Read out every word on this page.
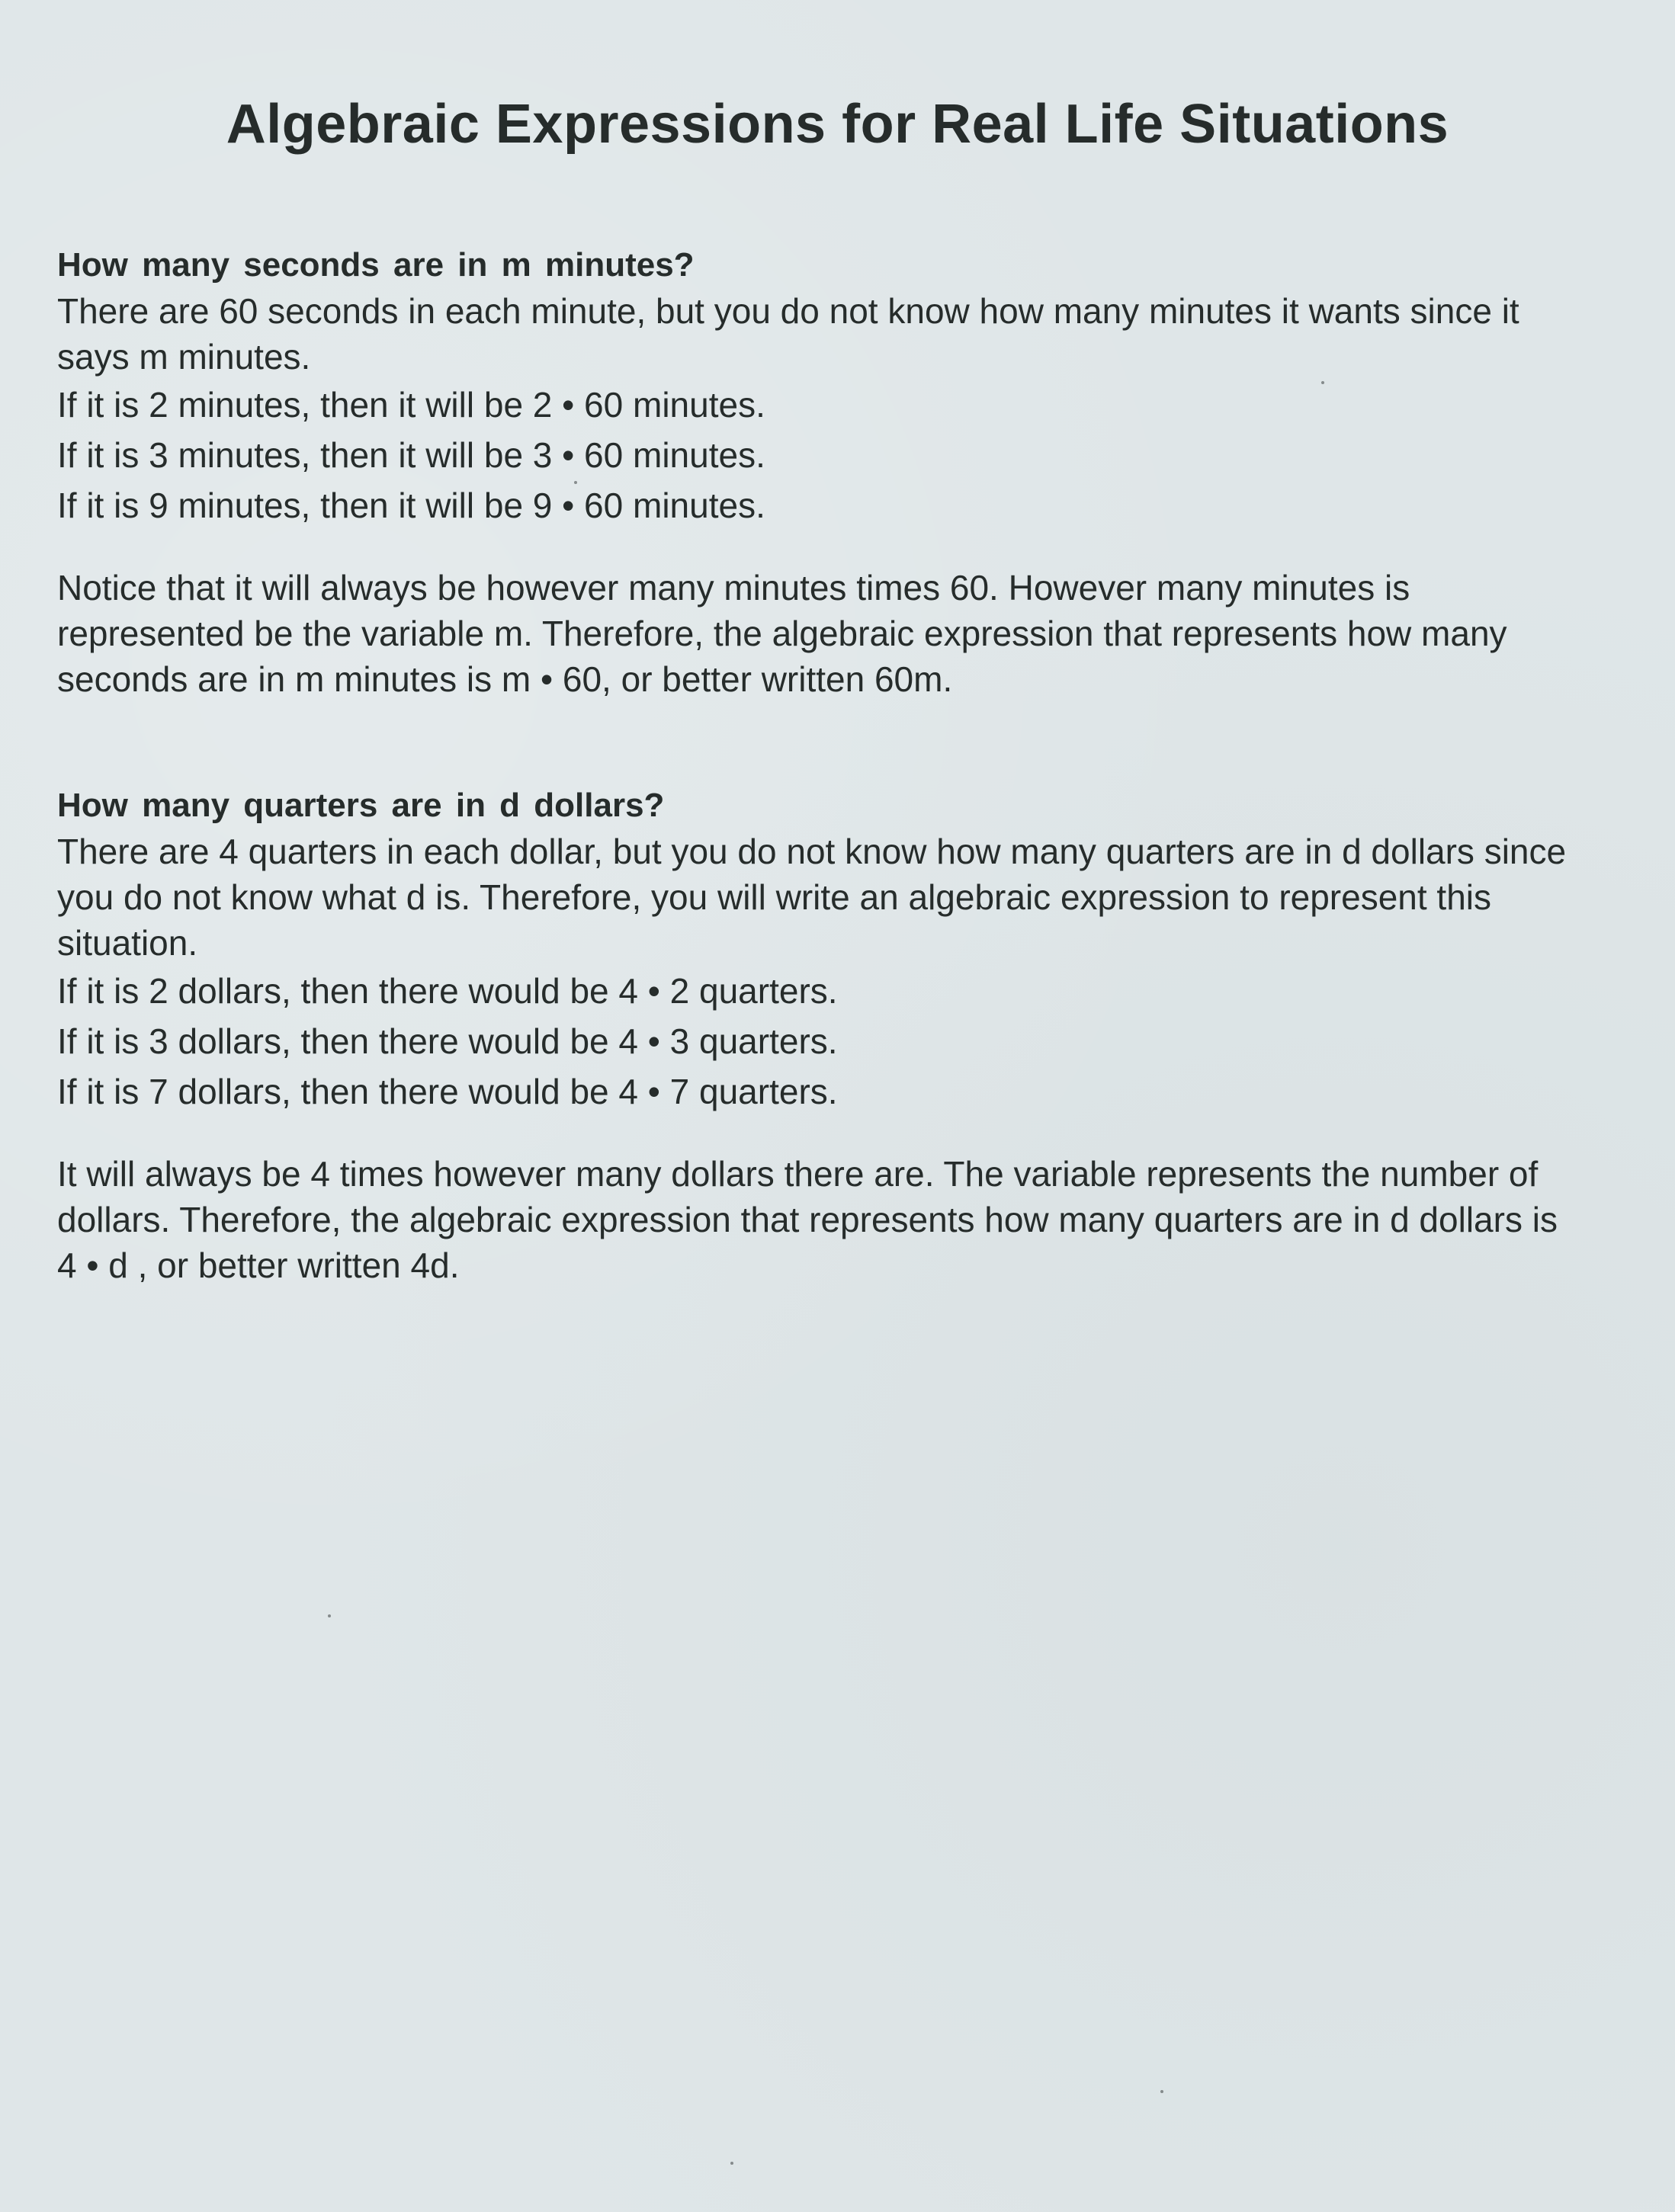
Algebraic Expressions for Real Life Situations

How many seconds are in m minutes?

There are 60 seconds in each minute, but you do not know how many minutes it wants since it says m minutes.

If it is 2 minutes, then it will be 2 • 60 minutes.

If it is 3 minutes, then it will be 3 • 60 minutes.

If it is 9 minutes, then it will be 9 • 60 minutes.

Notice that it will always be however many minutes times 60. However many minutes is represented be the variable m. Therefore, the algebraic expression that represents how many seconds are in m minutes is m • 60, or better written 60m.

How many quarters are in d dollars?

There are 4 quarters in each dollar, but you do not know how many quarters are in d dollars since you do not know what d is. Therefore, you will write an algebraic expression to represent this situation.

If it is 2 dollars, then there would be 4 • 2 quarters.

If it is 3 dollars, then there would be 4 • 3 quarters.

If it is 7 dollars, then there would be 4 • 7 quarters.

It will always be 4 times however many dollars there are. The variable represents the number of dollars. Therefore, the algebraic expression that represents how many quarters are in d dollars is 4 • d , or better written 4d.
